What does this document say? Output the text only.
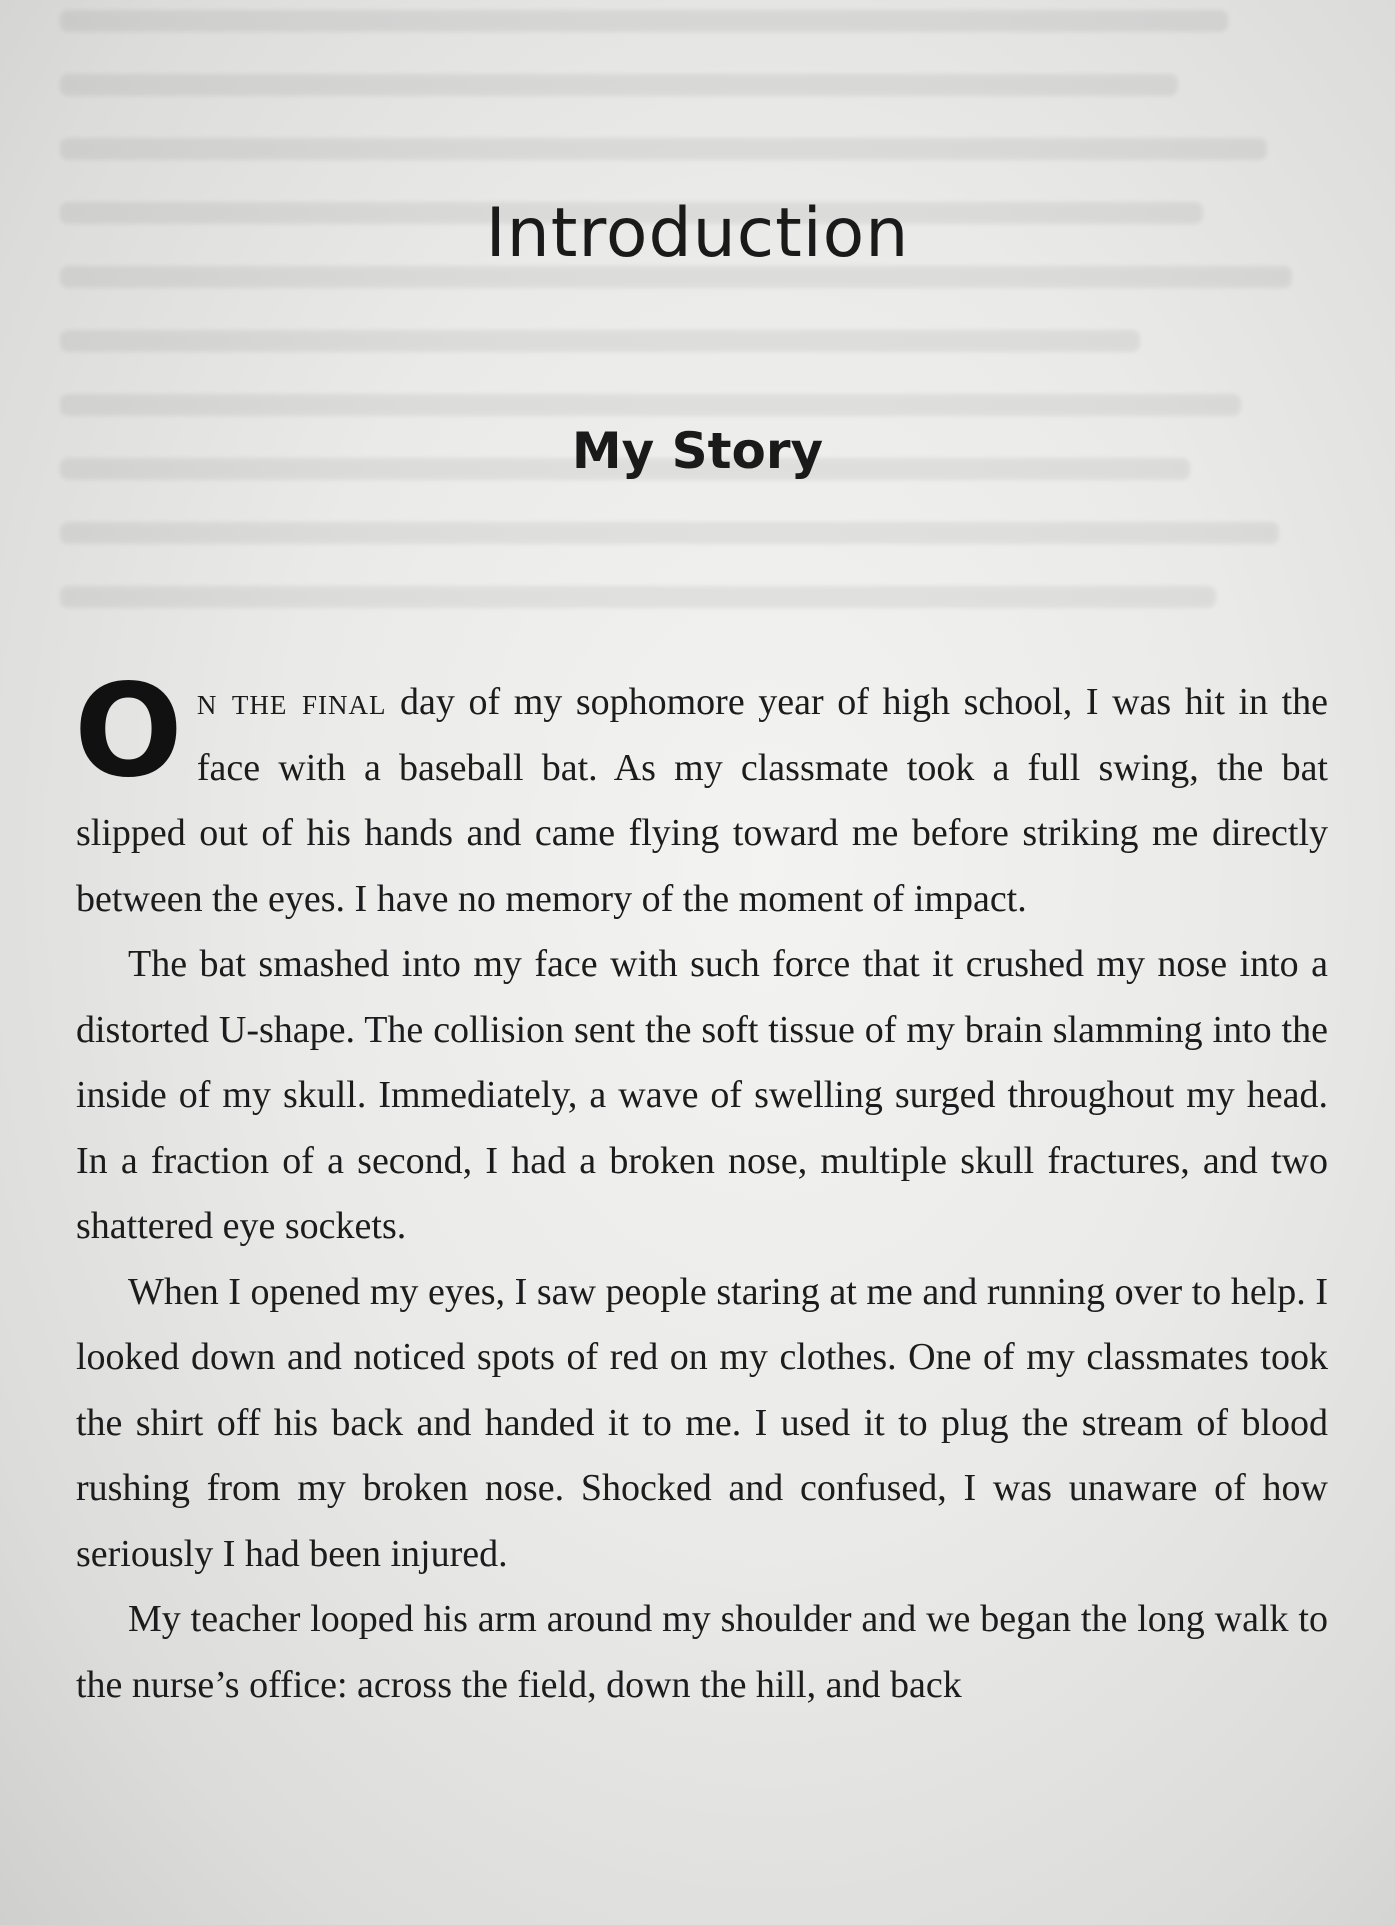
Introduction
My Story

On the final day of my sophomore year of high school, I was hit in the face with a baseball bat. As my classmate took a full swing, the bat slipped out of his hands and came flying toward me before striking me directly between the eyes. I have no memory of the moment of impact.

The bat smashed into my face with such force that it crushed my nose into a distorted U-shape. The collision sent the soft tissue of my brain slamming into the inside of my skull. Immediately, a wave of swelling surged throughout my head. In a fraction of a second, I had a broken nose, multiple skull fractures, and two shattered eye sockets.

When I opened my eyes, I saw people staring at me and running over to help. I looked down and noticed spots of red on my clothes. One of my classmates took the shirt off his back and handed it to me. I used it to plug the stream of blood rushing from my broken nose. Shocked and confused, I was unaware of how seriously I had been injured.

My teacher looped his arm around my shoulder and we began the long walk to the nurse’s office: across the field, down the hill, and back
